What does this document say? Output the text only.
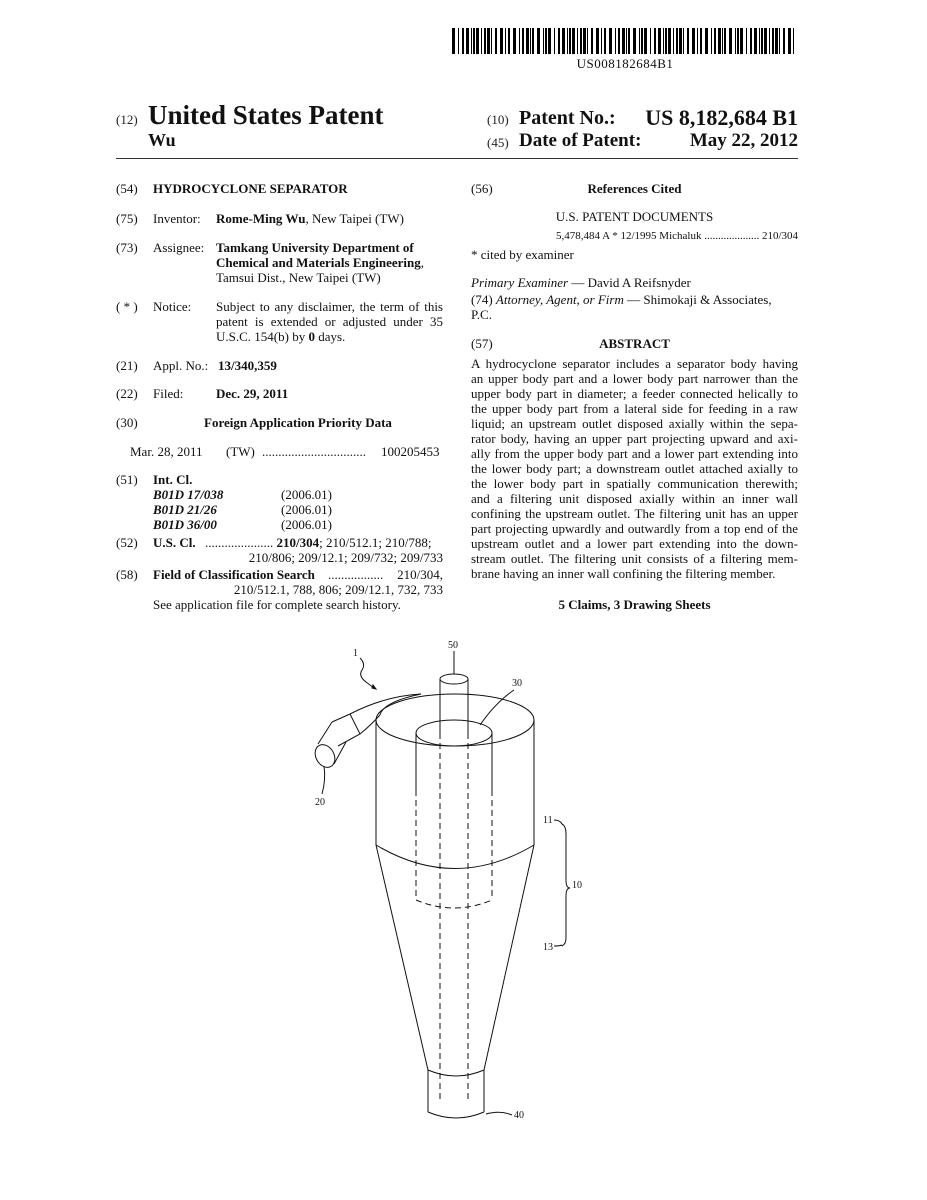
US008182684B1
(12) United States Patent
Wu
(10) Patent No.: US 8,182,684 B1
(45) Date of Patent:	May 22, 2012
(54) HYDROCYCLONE SEPARATOR
(75) Inventor: Rome-Ming Wu, New Taipei (TW)
(73) Assignee: Tamkang University Department of
Chemical and Materials Engineering,
Tamsui Dist., New Taipei (TW)
( * ) Notice: Subject to any disclaimer, the term of this
patent is extended or adjusted under 35
U.S.C. 154(b) by 0 days.
(21) Appl. No.: 13/340,359
(22) Filed:	Dec. 29, 2011
(30)	Foreign Application Priority Data
Mar. 28, 2011 (TW) ................................ 100205453
(51) Int. Cl.
B01D 17/038	(2006.01)
B01D 21/26	(2006.01)
B01D 36/00	(2006.01)
(52) U.S. Cl. ..................... 210/304; 210/512.1; 210/788;
210/806; 209/12.1; 209/732; 209/733
(58) Field of Classification Search ................. 210/304,
210/512.1, 788, 806; 209/12.1, 732, 733
See application file for complete search history.
(56)	References Cited
U.S. PATENT DOCUMENTS
5,478,484 A * 12/1995 Michaluk .................... 210/304
* cited by examiner
Primary Examiner — David A Reifsnyder
(74) Attorney, Agent, or Firm — Shimokaji & Associates,
P.C.
(57)	ABSTRACT
A hydrocyclone separator includes a separator body having
an upper body part and a lower body part narrower than the
upper body part in diameter; a feeder connected helically to
the upper body part from a lateral side for feeding in a raw
liquid; an upstream outlet disposed axially within the sepa-
rator body, having an upper part projecting upward and axi-
ally from the upper body part and a lower part extending into
the lower body part; a downstream outlet attached axially to
the lower body part in spatially communication therewith;
and a filtering unit disposed axially within an inner wall
confining the upstream outlet. The filtering unit has an upper
part projecting upwardly and outwardly from a top end of the
upstream outlet and a lower part extending into the down-
stream outlet. The filtering unit consists of a filtering mem-
brane having an inner wall confining the filtering member.
5 Claims, 3 Drawing Sheets
1
50
30
20
40
11
10
13
